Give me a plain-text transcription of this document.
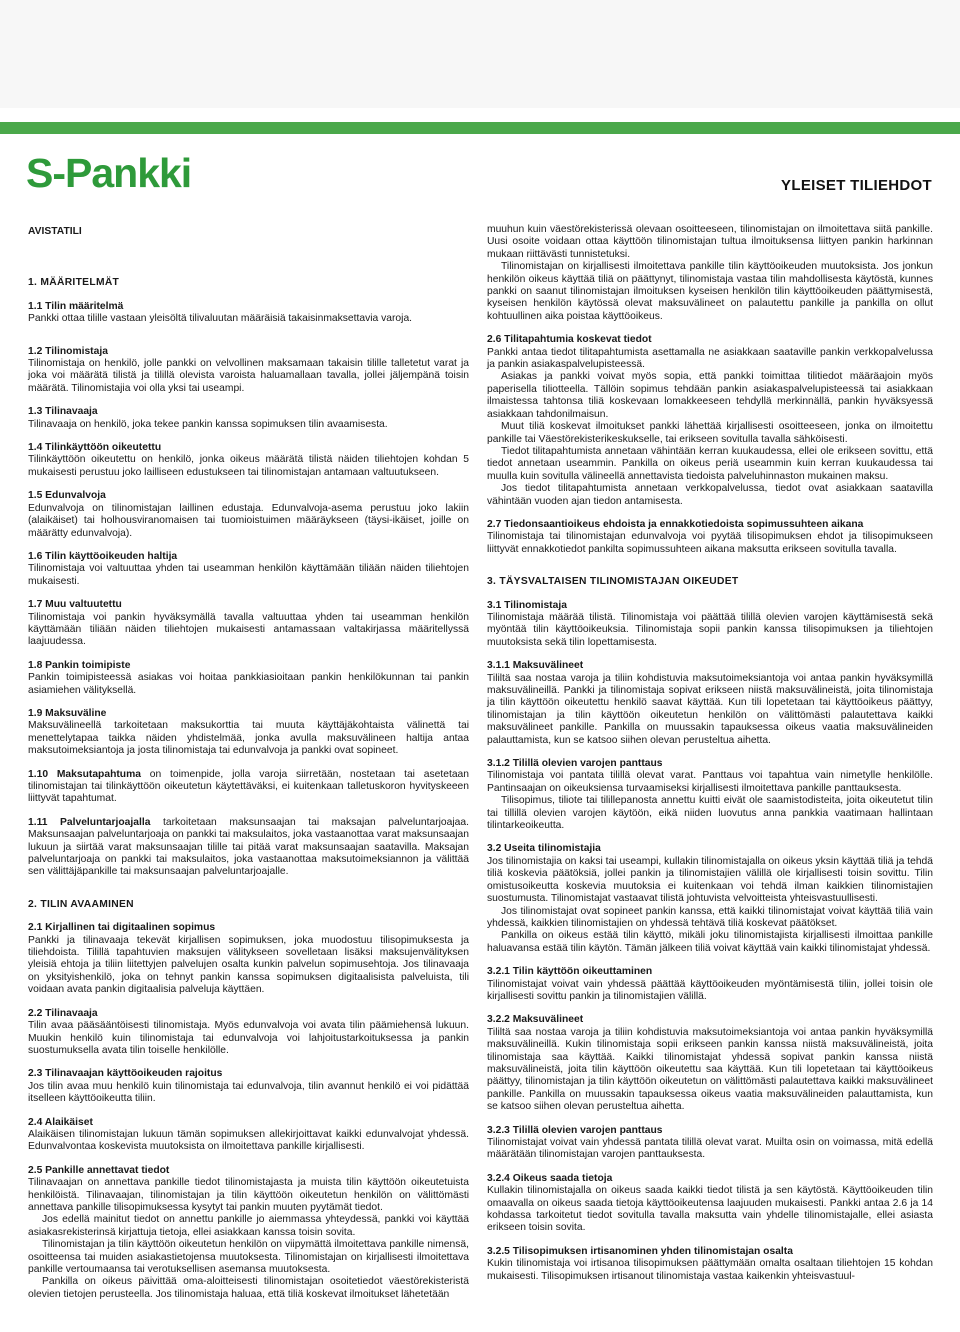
S-Pankki	YLEISET TILIEHDOT

AVISTATILI

1. MÄÄRITELMÄT

1.1 Tilin määritelmä

Pankki ottaa tilille vastaan yleisöltä tilivaluutan määräisiä takaisinmaksettavia varoja.

1.2 Tilinomistaja

Tilinomistaja on henkilö, jolle pankki on velvollinen maksamaan takaisin tilille talletetut varat ja joka voi määrätä tilistä ja tilillä olevista varoista haluamallaan tavalla, jollei jäljempänä toisin määrätä. Tilinomistajia voi olla yksi tai useampi.

1.3 Tilinavaaja

Tilinavaaja on henkilö, joka tekee pankin kanssa sopimuksen tilin avaamisesta.

1.4 Tilinkäyttöön oikeutettu

Tilinkäyttöön oikeutettu on henkilö, jonka oikeus määrätä tilistä näiden tiliehtojen kohdan 5 mukaisesti perustuu joko lailliseen edustukseen tai tilinomistajan antamaan valtuutukseen.

1.5 Edunvalvoja

Edunvalvoja on tilinomistajan laillinen edustaja. Edunvalvoja-asema perustuu joko lakiin (alaikäiset) tai holhousviranomaisen tai tuomioistuimen määräykseen (täysi-ikäiset, joille on määrätty edunvalvoja).

1.6 Tilin käyttöoikeuden haltija

Tilinomistaja voi valtuuttaa yhden tai useamman henkilön käyttämään tiliään näiden tiliehtojen mukaisesti.

1.7 Muu valtuutettu

Tilinomistaja voi pankin hyväksymällä tavalla valtuuttaa yhden tai useamman henkilön käyttämään tiliään näiden tiliehtojen mukaisesti antamassaan valtakirjassa määritellyssä laajuudessa.

1.8 Pankin toimipiste

Pankin toimipisteessä asiakas voi hoitaa pankkiasioitaan pankin henkilökunnan tai pankin asiamiehen välityksellä.

1.9 Maksuväline

Maksuvälineellä tarkoitetaan maksukorttia tai muuta käyttäjäkohtaista välinettä tai menettelytapaa taikka näiden yhdistelmää, jonka avulla maksuvälineen haltija antaa maksutoimeksiantoja ja josta tilinomistaja tai edunvalvoja ja pankki ovat sopineet.

1.10 Maksutapahtuma on toimenpide, jolla varoja siirretään, nostetaan tai asetetaan tilinomistajan tai tilinkäyttöön oikeutetun käytettäväksi, ei kuitenkaan talletuskoron hyvityskeeen liittyvät tapahtumat.

1.11 Palveluntarjoajalla tarkoitetaan maksunsaajan tai maksajan palveluntarjoajaa. Maksunsaajan palveluntarjoaja on pankki tai maksulaitos, joka vastaanottaa varat maksunsaajan lukuun ja siirtää varat maksunsaajan tilille tai pitää varat maksunsaajan saatavilla. Maksajan palveluntarjoaja on pankki tai maksulaitos, joka vastaanottaa maksutoimeksiannon ja välittää sen välittäjäpankille tai maksunsaajan palveluntarjoajalle.

2. TILIN AVAAMINEN

2.1 Kirjallinen tai digitaalinen sopimus

Pankki ja tilinavaaja tekevät kirjallisen sopimuksen, joka muodostuu tilisopimuksesta ja tiliehdoista. Tilillä tapahtuvien maksujen välitykseen sovelletaan lisäksi maksujenvälityksen yleisiä ehtoja ja tiliin liitettyjen palvelujen osalta kunkin palvelun sopimusehtoja. Jos tilinavaaja on yksityishenkilö, joka on tehnyt pankin kanssa sopimuksen digitaalisista palveluista, tili voidaan avata pankin digitaalisia palveluja käyttäen.

2.2 Tilinavaaja

Tilin avaa pääsääntöisesti tilinomistaja. Myös edunvalvoja voi avata tilin päämiehensä lukuun. Muukin henkilö kuin tilinomistaja tai edunvalvoja voi lahjoitustarkoituksessa ja pankin suostumuksella avata tilin toiselle henkilölle.

2.3 Tilinavaajan käyttöoikeuden rajoitus

Jos tilin avaa muu henkilö kuin tilinomistaja tai edunvalvoja, tilin avannut henkilö ei voi pidättää itselleen käyttöoikeutta tiliin.

2.4 Alaikäiset

Alaikäisen tilinomistajan lukuun tämän sopimuksen allekirjoittavat kaikki edunvalvojat yhdessä. Edunvalvontaa koskevista muutoksista on ilmoitettava pankille kirjallisesti.

2.5 Pankille annettavat tiedot

Tilinavaajan on annettava pankille tiedot tilinomistajasta ja muista tilin käyttöön oikeutetuista henkilöistä. Tilinavaajan, tilinomistajan ja tilin käyttöön oikeutetun henkilön on välittömästi annettava pankille tilisopimuksessa kysytyt tai pankin muuten pyytämät tiedot.

Jos edellä mainitut tiedot on annettu pankille jo aiemmassa yhteydessä, pankki voi käyttää asiakasrekisterinsä kirjattuja tietoja, ellei asiakkaan kanssa toisin sovita.

Tilinomistajan ja tilin käyttöön oikeutetun henkilön on viipymättä ilmoitettava pankille nimensä, osoitteensa tai muiden asiakastietojensa muutoksesta. Tilinomistajan on kirjallisesti ilmoitettava pankille vertoumaansa tai verotuksellisen asemansa muutoksesta.

Pankilla on oikeus päivittää oma-aloitteisesti tilinomistajan osoitetiedot väestörekisteristä olevien tietojen perusteella. Jos tilinomistaja haluaa, että tiliä koskevat ilmoitukset lähetetään

muuhun kuin väestörekisterissä olevaan osoitteeseen, tilinomistajan on ilmoitettava siitä pankille. Uusi osoite voidaan ottaa käyttöön tilinomistajan tultua ilmoituksensa liittyen pankin harkinnan mukaan riittävästi tunnistetuksi.

Tilinomistajan on kirjallisesti ilmoitettava pankille tilin käyttöoikeuden muutoksista. Jos jonkun henkilön oikeus käyttää tiliä on päättynyt, tilinomistaja vastaa tilin mahdollisesta käytöstä, kunnes pankki on saanut tilinomistajan ilmoituksen kyseisen henkilön tilin käyttöoikeuden päättymisestä, kyseisen henkilön käytössä olevat maksuvälineet on palautettu pankille ja pankilla on ollut kohtuullinen aika poistaa käyttöoikeus.

2.6 Tilitapahtumia koskevat tiedot

Pankki antaa tiedot tilitapahtumista asettamalla ne asiakkaan saataville pankin verkkopalvelussa ja pankin asiakaspalvelupisteessä.

Asiakas ja pankki voivat myös sopia, että pankki toimittaa tilitiedot määräajoin myös paperisella tiliotteella. Tällöin sopimus tehdään pankin asiakaspalvelupisteessä tai asiakkaan ilmaistessa tahtonsa tiliä koskevaan lomakkeeseen tehdyllä merkinnällä, pankin hyväksyessä asiakkaan tahdonilmaisun.

Muut tiliä koskevat ilmoitukset pankki lähettää kirjallisesti osoitteeseen, jonka on ilmoitettu pankille tai Väestörekisterikeskukselle, tai erikseen sovitulla tavalla sähköisesti.

Tiedot tilitapahtumista annetaan vähintään kerran kuukaudessa, ellei ole erikseen sovittu, että tiedot annetaan useammin. Pankilla on oikeus periä useammin kuin kerran kuukaudessa tai muulla kuin sovitulla välineellä annettavista tiedoista palveluhinnaston mukainen maksu.

Jos tiedot tilitapahtumista annetaan verkkopalvelussa, tiedot ovat asiakkaan saatavilla vähintään vuoden ajan tiedon antamisesta.

2.7 Tiedonsaantioikeus ehdoista ja ennakkotiedoista sopimussuhteen aikana

Tilinomistaja tai tilinomistajan edunvalvoja voi pyytää tilisopimuksen ehdot ja tilisopimukseen liittyvät ennakkotiedot pankilta sopimussuhteen aikana maksutta erikseen sovitulla tavalla.

3. TÄYSVALTAISEN TILINOMISTAJAN OIKEUDET

3.1 Tilinomistaja

Tilinomistaja määrää tilistä. Tilinomistaja voi päättää tilillä olevien varojen käyttämisestä sekä myöntää tilin käyttöoikeuksia. Tilinomistaja sopii pankin kanssa tilisopimuksen ja tiliehtojen muutoksista sekä tilin lopettamisesta.

3.1.1 Maksuvälineet

Tililtä saa nostaa varoja ja tiliin kohdistuvia maksutoimeksiantoja voi antaa pankin hyväksymillä maksuvälineillä. Pankki ja tilinomistaja sopivat erikseen niistä maksuvälineistä, joita tilinomistaja ja tilin käyttöön oikeutettu henkilö saavat käyttää. Kun tili lopetetaan tai käyttöoikeus päättyy, tilinomistajan ja tilin käyttöön oikeutetun henkilön on välittömästi palautettava kaikki maksuvälineet pankille. Pankilla on muussakin tapauksessa oikeus vaatia maksuvälineiden palauttamista, kun se katsoo siihen olevan perusteltua aihetta.

3.1.2 Tilillä olevien varojen panttaus

Tilinomistaja voi pantata tilillä olevat varat. Panttaus voi tapahtua vain nimetylle henkilölle. Pantinsaajan on oikeuksiensa turvaamiseksi kirjallisesti ilmoitettava pankille panttauksesta.

Tilisopimus, tiliote tai tilillepanosta annettu kuitti eivät ole saamistodisteita, joita oikeutetut tilin tai tillillä olevien varojen käytöön, eikä niiden luovutus anna pankkia vaatimaan hallintaan tilintarkeoikeutta.

3.2 Useita tilinomistajia

Jos tilinomistajia on kaksi tai useampi, kullakin tilinomistajalla on oikeus yksin käyttää tiliä ja tehdä tiliä koskevia päätöksiä, jollei pankin ja tilinomistajien välillä ole kirjallisesti toisin sovittu. Tilin omistusoikeutta koskevia muutoksia ei kuitenkaan voi tehdä ilman kaikkien tilinomistajien suostumusta. Tilinomistajat vastaavat tilistä johtuvista velvoitteista yhteisvastuullisesti.

Jos tilinomistajat ovat sopineet pankin kanssa, että kaikki tilinomistajat voivat käyttää tiliä vain yhdessä, kaikkien tilinomistajien on yhdessä tehtävä tiliä koskevat päätökset.

Pankilla on oikeus estää tilin käyttö, mikäli joku tilinomistajista kirjallisesti ilmoittaa pankille haluavansa estää tilin käytön. Tämän jälkeen tiliä voivat käyttää vain kaikki tilinomistajat yhdessä.

3.2.1 Tilin käyttöön oikeuttaminen

Tilinomistajat voivat vain yhdessä päättää käyttöoikeuden myöntämisestä tiliin, jollei toisin ole kirjallisesti sovittu pankin ja tilinomistajien välillä.

3.2.2 Maksuvälineet

Tililtä saa nostaa varoja ja tiliin kohdistuvia maksutoimeksiantoja voi antaa pankin hyväksymillä maksuvälineillä. Kukin tilinomistaja sopii erikseen pankin kanssa niistä maksuvälineistä, joita tilinomistaja saa käyttää. Kaikki tilinomistajat yhdessä sopivat pankin kanssa niistä maksuvälineistä, joita tilin käyttöön oikeutettu saa käyttää. Kun tili lopetetaan tai käyttöoikeus päättyy, tilinomistajan ja tilin käyttöön oikeutetun on välittömästi palautettava kaikki maksuvälineet pankille. Pankilla on muussakin tapauksessa oikeus vaatia maksuvälineiden palauttamista, kun se katsoo siihen olevan perusteltua aihetta.

3.2.3 Tilillä olevien varojen panttaus

Tilinomistajat voivat vain yhdessä pantata tilillä olevat varat. Muilta osin on voimassa, mitä edellä määrätään tilinomistajan varojen panttauksesta.

3.2.4 Oikeus saada tietoja

Kullakin tilinomistajalla on oikeus saada kaikki tiedot tilistä ja sen käytöstä. Käyttöoikeuden tilin omaavalla on oikeus saada tietoja käyttöoikeutensa laajuuden mukaisesti. Pankki antaa 2.6 ja 14 kohdassa tarkoitetut tiedot sovitulla tavalla maksutta vain yhdelle tilinomistajalle, ellei asiasta erikseen toisin sovita.

3.2.5 Tilisopimuksen irtisanominen yhden tilinomistajan osalta

Kukin tilinomistaja voi irtisanoa tilisopimuksen päättymään omalta osaltaan tiliehtojen 15 kohdan mukaisesti. Tilisopimuksen irtisanout tilinomistaja vastaa kaikenkin yhteisvastuul-
